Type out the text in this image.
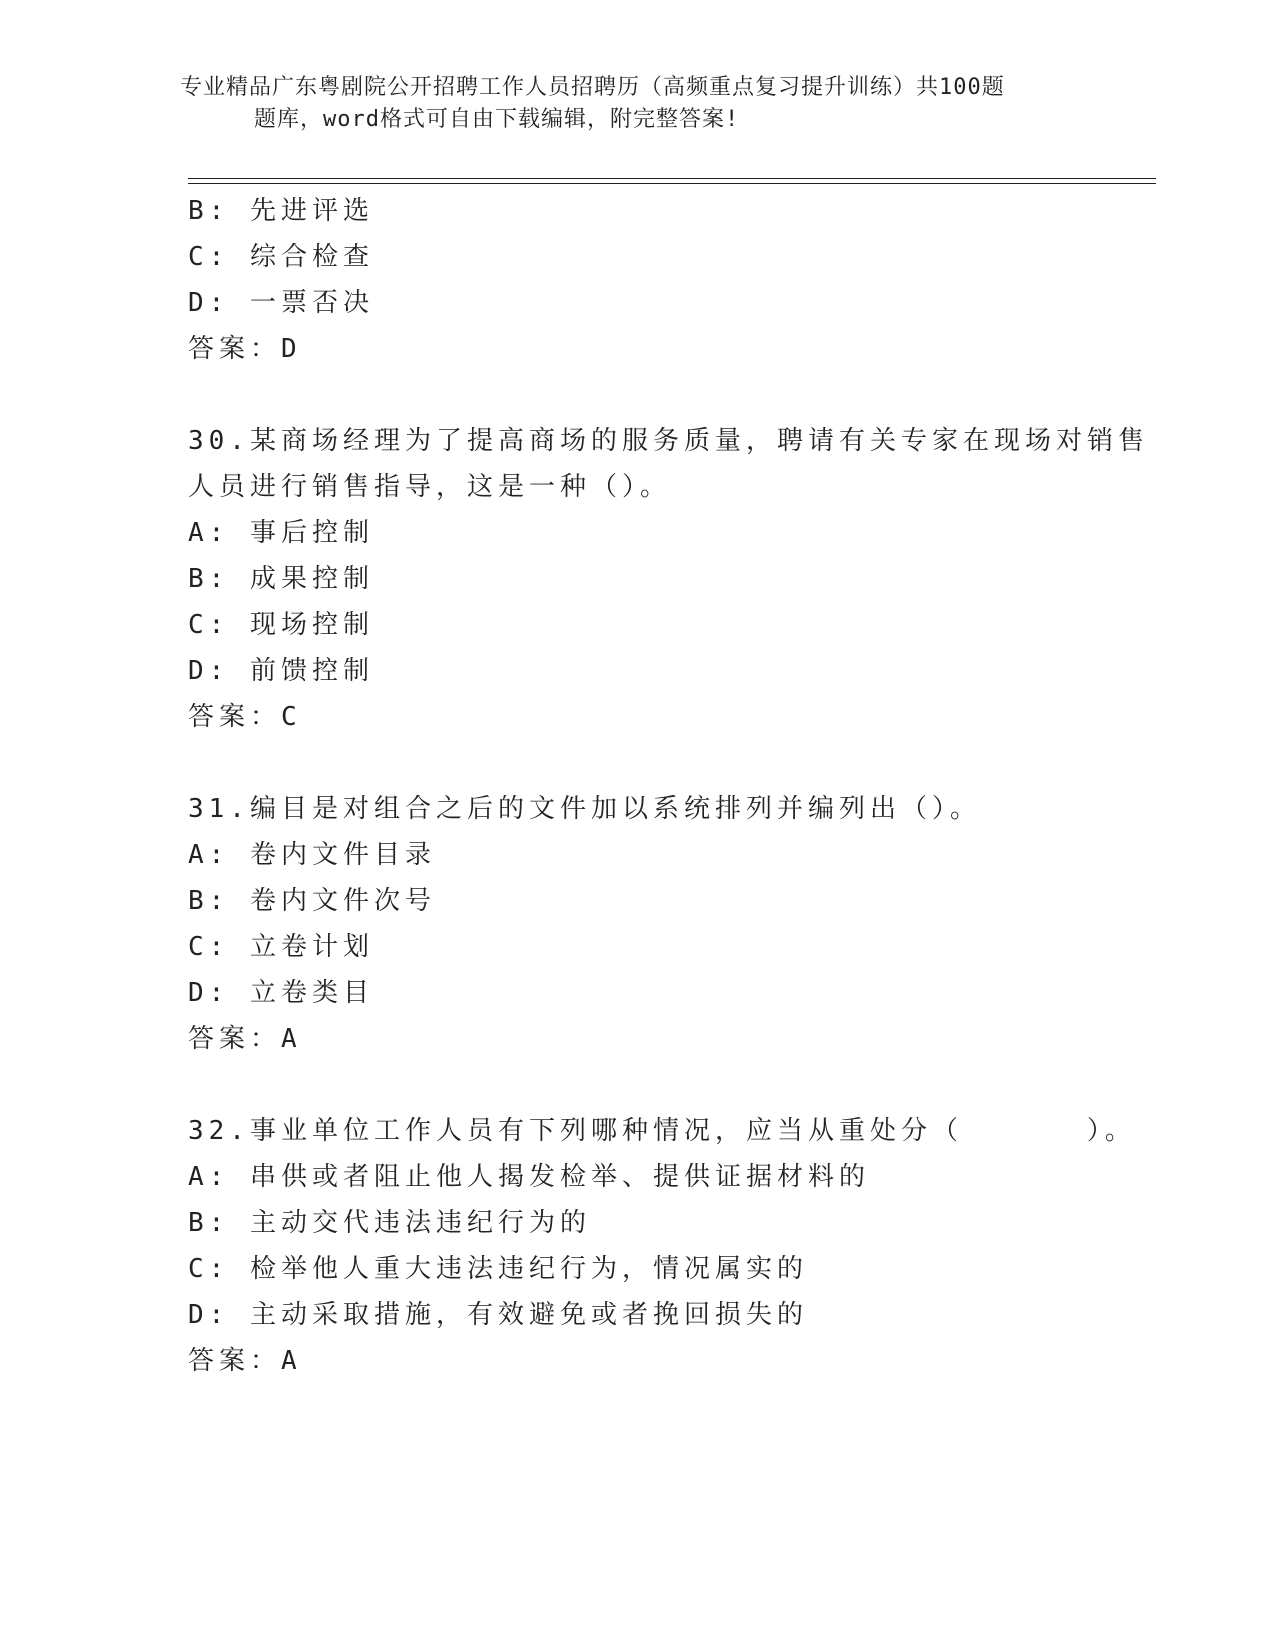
专业精品广东粤剧院公开招聘工作人员招聘历（高频重点复习提升训练）共100题
题库，word格式可自由下载编辑，附完整答案!
B: 先进评选
C: 综合检查
D: 一票否决
答案：D
30.某商场经理为了提高商场的服务质量，聘请有关专家在现场对销售
人员进行销售指导，这是一种（）。
A: 事后控制
B: 成果控制
C: 现场控制
D: 前馈控制
答案：C
31.编目是对组合之后的文件加以系统排列并编列出（）。
A: 卷内文件目录
B: 卷内文件次号
C: 立卷计划
D: 立卷类目
答案：A
32.事业单位工作人员有下列哪种情况，应当从重处分（      ）。
A: 串供或者阻止他人揭发检举、提供证据材料的
B: 主动交代违法违纪行为的
C: 检举他人重大违法违纪行为，情况属实的
D: 主动采取措施，有效避免或者挽回损失的
答案：A
